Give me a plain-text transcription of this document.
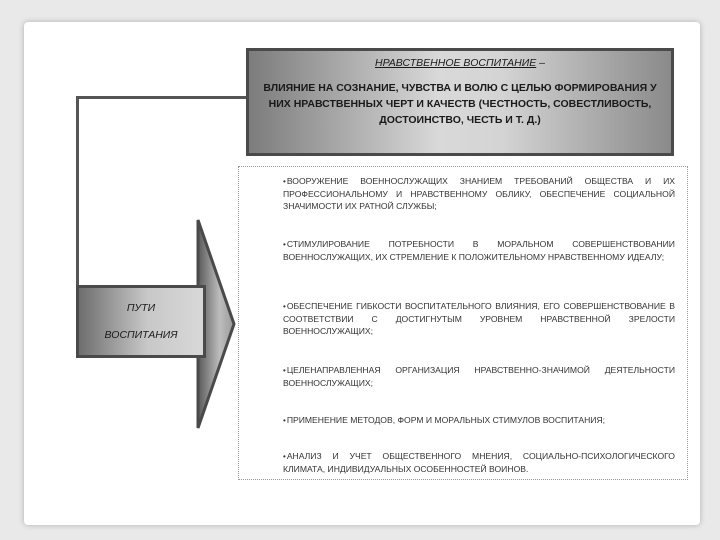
НРАВСТВЕННОЕ ВОСПИТАНИЕ –
ВЛИЯНИЕ НА СОЗНАНИЕ, ЧУВСТВА И ВОЛЮ С ЦЕЛЬЮ ФОРМИРОВАНИЯ У НИХ НРАВСТВЕННЫХ ЧЕРТ И КАЧЕСТВ (ЧЕСТНОСТЬ, СОВЕСТЛИВОСТЬ, ДОСТОИНСТВО, ЧЕСТЬ И Т. Д.)
ПУТИ
ВОСПИТАНИЯ
•ВООРУЖЕНИЕ ВОЕННОСЛУЖАЩИХ ЗНАНИЕМ ТРЕБОВАНИЙ ОБЩЕСТВА И ИХ ПРОФЕССИОНАЛЬНОМУ И НРАВСТВЕННОМУ ОБЛИКУ, ОБЕСПЕЧЕНИЕ СОЦИАЛЬНОЙ ЗНАЧИМОСТИ ИХ РАТНОЙ СЛУЖБЫ;
•СТИМУЛИРОВАНИЕ ПОТРЕБНОСТИ В МОРАЛЬНОМ СОВЕРШЕНСТВОВАНИИ ВОЕННОСЛУЖАЩИХ, ИХ СТРЕМЛЕНИЕ К ПОЛОЖИТЕЛЬНОМУ НРАВСТВЕННОМУ ИДЕАЛУ;
•ОБЕСПЕЧЕНИЕ ГИБКОСТИ ВОСПИТАТЕЛЬНОГО ВЛИЯНИЯ, ЕГО СОВЕРШЕНСТВОВАНИЕ В СООТВЕТСТВИИ С ДОСТИГНУТЫМ УРОВНЕМ НРАВСТВЕННОЙ ЗРЕЛОСТИ ВОЕННОСЛУЖАЩИХ;
•ЦЕЛЕНАПРАВЛЕННАЯ ОРГАНИЗАЦИЯ НРАВСТВЕННО-ЗНАЧИМОЙ ДЕЯТЕЛЬНОСТИ ВОЕННОСЛУЖАЩИХ;
•ПРИМЕНЕНИЕ МЕТОДОВ, ФОРМ И МОРАЛЬНЫХ СТИМУЛОВ ВОСПИТАНИЯ;
•АНАЛИЗ И УЧЕТ ОБЩЕСТВЕННОГО МНЕНИЯ, СОЦИАЛЬНО-ПСИХОЛОГИЧЕСКОГО КЛИМАТА, ИНДИВИДУАЛЬНЫХ ОСОБЕННОСТЕЙ ВОИНОВ.
